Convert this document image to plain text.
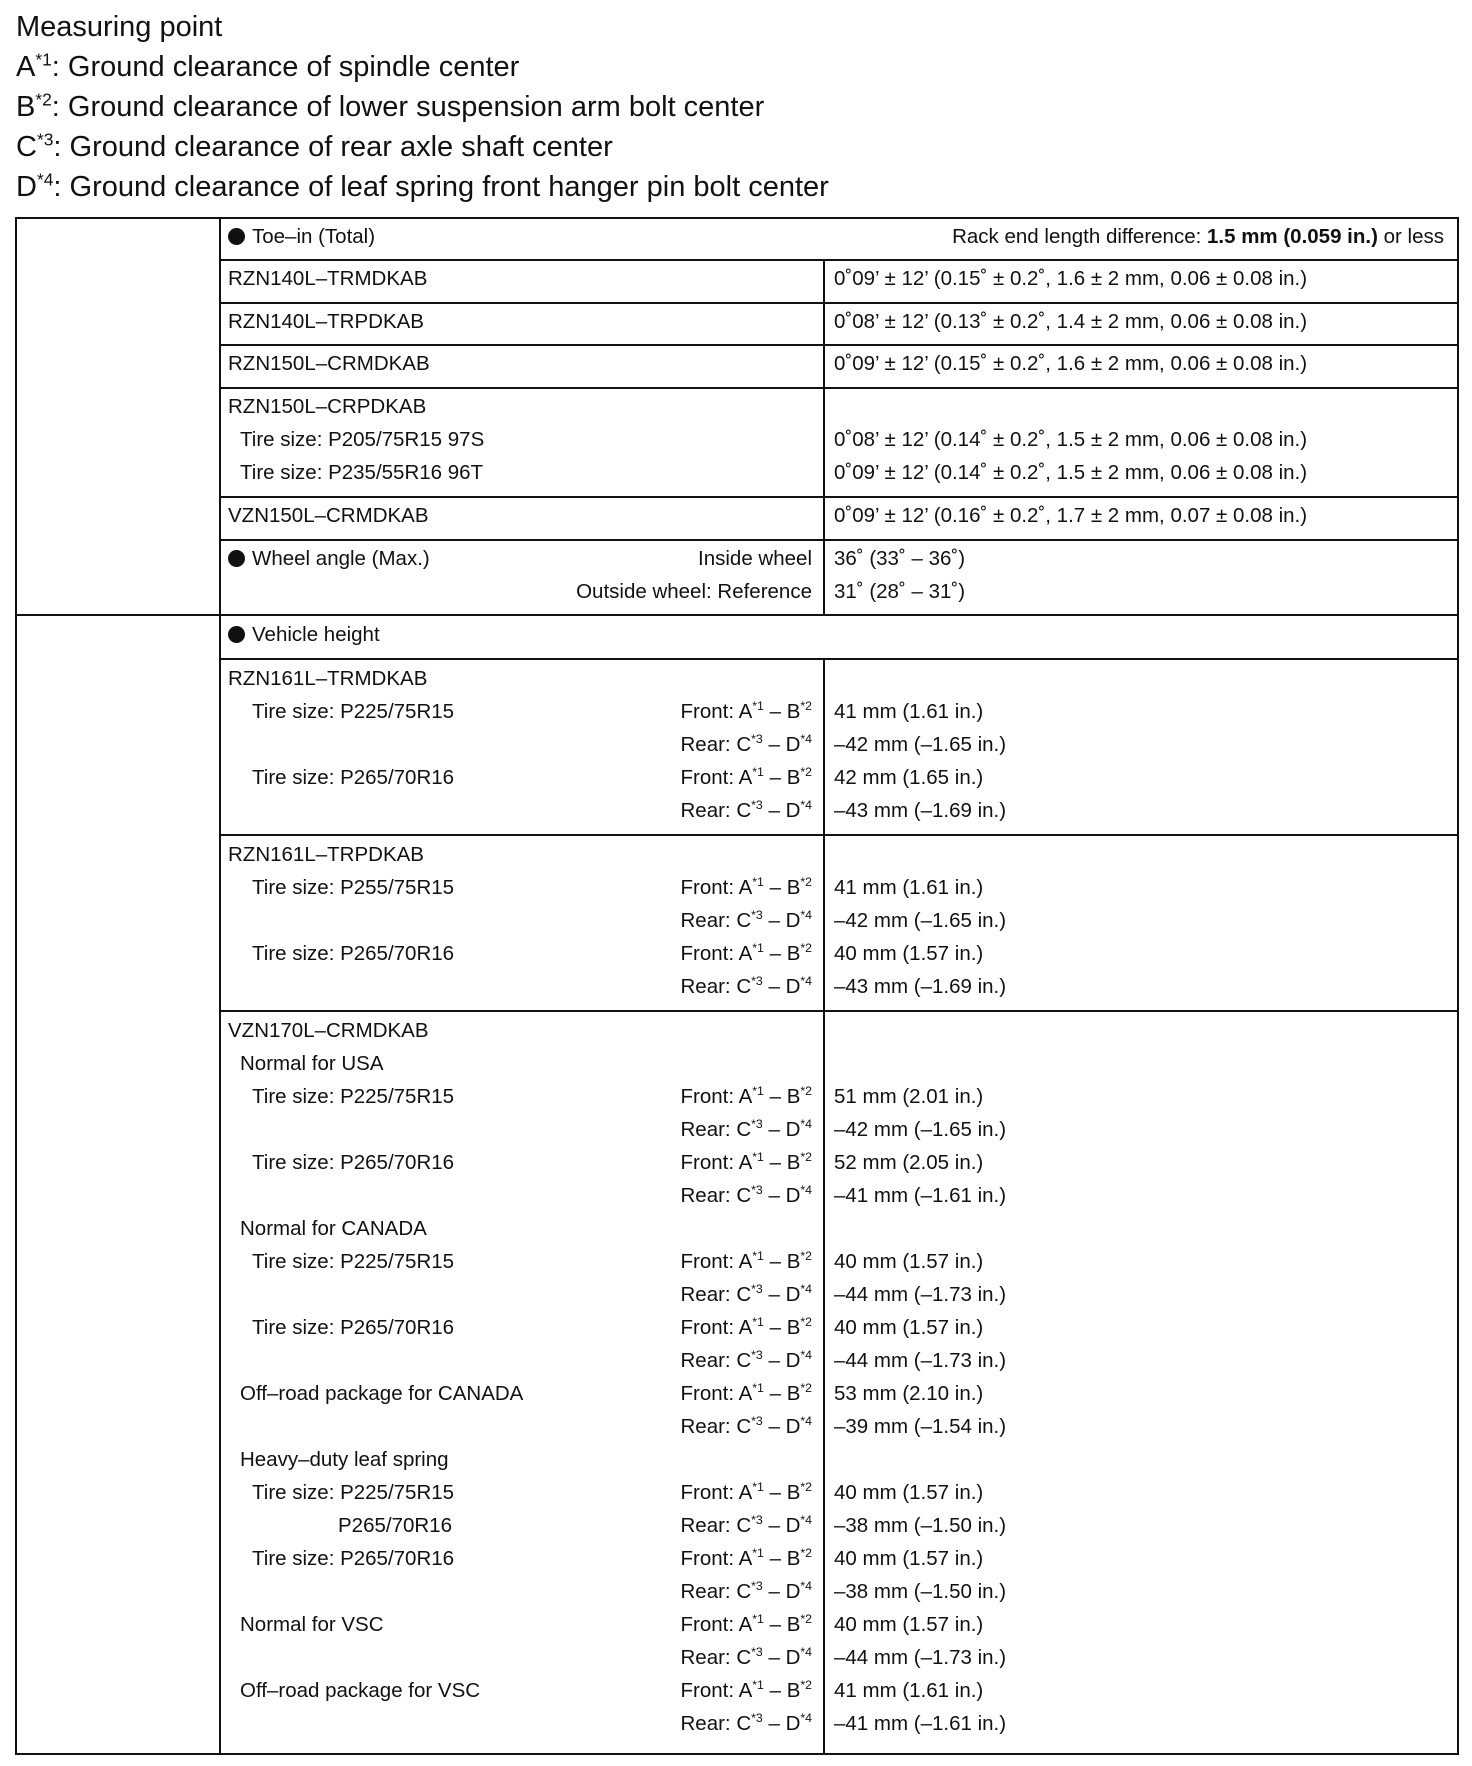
Measuring point
$A^{*1}$: Ground clearance of spindle center
$B^{*2}$: Ground clearance of lower suspension arm bolt center
$C^{*3}$: Ground clearance of rear axle shaft center
$D^{*4}$: Ground clearance of leaf spring front hanger pin bolt center
Toe–in (Total)	Rack end length difference: 1.5 mm (0.059 in.) or less
RZN140L–TRMDKAB	0˚09’ ± 12’ (0.15˚ ± 0.2˚, 1.6 ± 2 mm, 0.06 ± 0.08 in.)
RZN140L–TRPDKAB	0˚08’ ± 12’ (0.13˚ ± 0.2˚, 1.4 ± 2 mm, 0.06 ± 0.08 in.)
RZN150L–CRMDKAB	0˚09’ ± 12’ (0.15˚ ± 0.2˚, 1.6 ± 2 mm, 0.06 ± 0.08 in.)
RZN150L–CRPDKAB
Tire size: P205/75R15 97S	0˚08’ ± 12’ (0.14˚ ± 0.2˚, 1.5 ± 2 mm, 0.06 ± 0.08 in.)
Tire size: P235/55R16 96T	0˚09’ ± 12’ (0.14˚ ± 0.2˚, 1.5 ± 2 mm, 0.06 ± 0.08 in.)
VZN150L–CRMDKAB	0˚09’ ± 12’ (0.16˚ ± 0.2˚, 1.7 ± 2 mm, 0.07 ± 0.08 in.)
Wheel angle (Max.)	Inside wheel 36˚ (33˚ – 36˚)
Outside wheel: Reference 31˚ (28˚ – 31˚)
Vehicle height
RZN161L–TRMDKAB
Tire size: P225/75R15	Front: $A^{*1} - B^{*2}$ 41 mm (1.61 in.)
Rear: $C^{*3} - D^{*4}$ –42 mm (–1.65 in.)
Tire size: P265/70R16	Front: $A^{*1} - B^{*2}$ 42 mm (1.65 in.)
Rear: $C^{*3} - D^{*4}$ –43 mm (–1.69 in.)
RZN161L–TRPDKAB
Tire size: P255/75R15	Front: $A^{*1} - B^{*2}$ 41 mm (1.61 in.)
Rear: $C^{*3} - D^{*4}$ –42 mm (–1.65 in.)
Tire size: P265/70R16	Front: $A^{*1} - B^{*2}$ 40 mm (1.57 in.)
Rear: $C^{*3} - D^{*4}$ –43 mm (–1.69 in.)
VZN170L–CRMDKAB
Normal for USA
Tire size: P225/75R15	Front: $A^{*1} - B^{*2}$ 51 mm (2.01 in.)
Rear: $C^{*3} - D^{*4}$ –42 mm (–1.65 in.)
Tire size: P265/70R16	Front: $A^{*1} - B^{*2}$ 52 mm (2.05 in.)
Rear: $C^{*3} - D^{*4}$ –41 mm (–1.61 in.)
Normal for CANADA
Tire size: P225/75R15	Front: $A^{*1} - B^{*2}$ 40 mm (1.57 in.)
Rear: $C^{*3} - D^{*4}$ –44 mm (–1.73 in.)
Tire size: P265/70R16	Front: $A^{*1} - B^{*2}$ 40 mm (1.57 in.)
Rear: $C^{*3} - D^{*4}$ –44 mm (–1.73 in.)
Off–road package for CANADA	Front: $A^{*1} - B^{*2}$ 53 mm (2.10 in.)
Rear: $C^{*3} - D^{*4}$ –39 mm (–1.54 in.)
Heavy–duty leaf spring
Tire size: P225/75R15	Front: $A^{*1} - B^{*2}$ 40 mm (1.57 in.)
P265/70R16	Rear: $C^{*3} - D^{*4}$ –38 mm (–1.50 in.)
Tire size: P265/70R16	Front: $A^{*1} - B^{*2}$ 40 mm (1.57 in.)
Rear: $C^{*3} - D^{*4}$ –38 mm (–1.50 in.)
Normal for VSC	Front: $A^{*1} - B^{*2}$ 40 mm (1.57 in.)
Rear: $C^{*3} - D^{*4}$ –44 mm (–1.73 in.)
Off–road package for VSC	Front: $A^{*1} - B^{*2}$ 41 mm (1.61 in.)
Rear: $C^{*3} - D^{*4}$ –41 mm (–1.61 in.)
